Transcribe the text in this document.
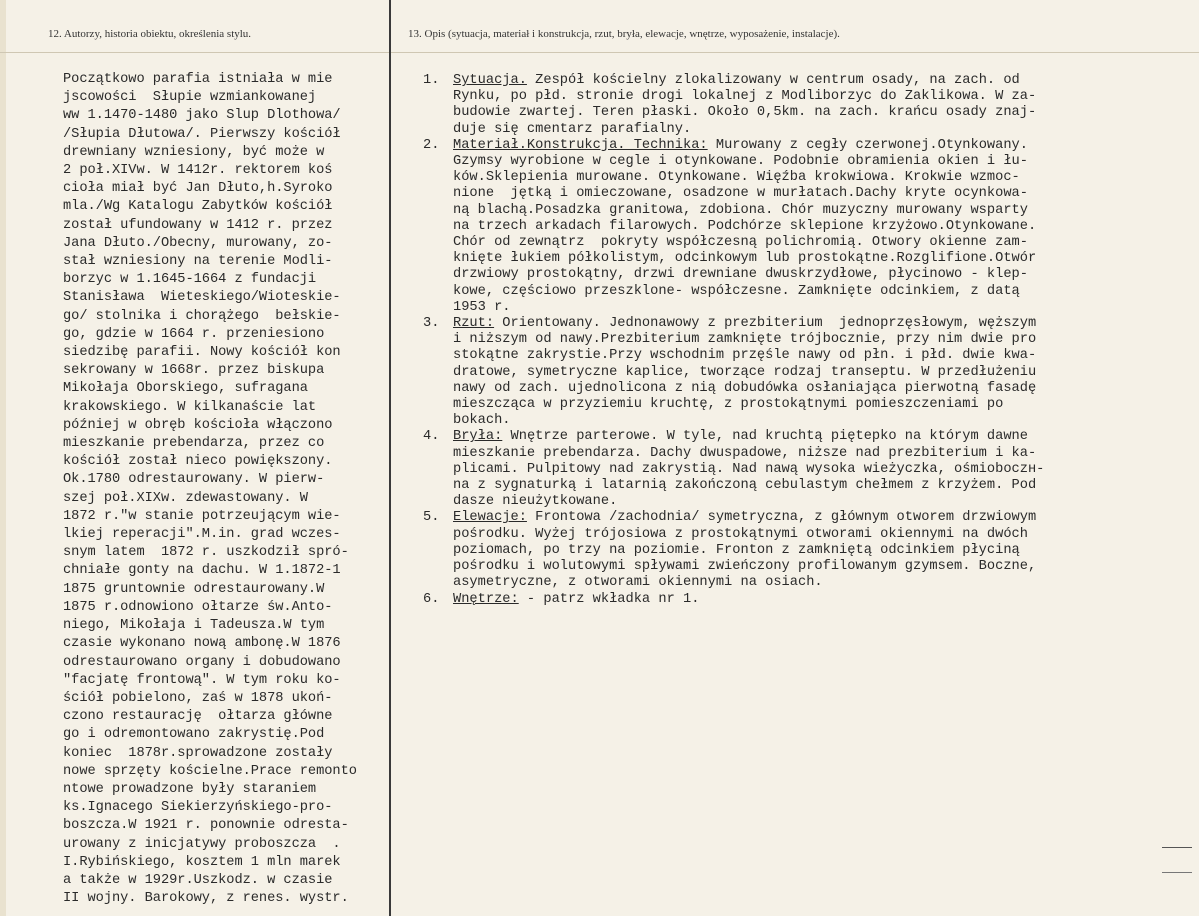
12. Autorzy, historia obiektu, określenia stylu.	13. Opis (sytuacja, materiał i konstrukcja, rzut, bryła, elewacje, wnętrze, wyposażenie, instalacje).
Początkowo parafia istniała w mie
jscowości  Słupie wzmiankowanej
ww 1.1470-1480 jako Slup Dlothowa/
/Słupia Dłutowa/. Pierwszy kościół
drewniany wzniesiony, być może w
2 poł.XIVw. W 1412r. rektorem koś
cioła miał być Jan Dłuto,h.Syroko
mla./Wg Katalogu Zabytków kościół
został ufundowany w 1412 r. przez
Jana Dłuto./Obecny, murowany, zo-
stał wzniesiony na terenie Modli-
borzyc w 1.1645-1664 z fundacji
Stanisława  Wieteskiego/Wioteskie-
go/ stolnika i chorążego  bełskie-
go, gdzie w 1664 r. przeniesiono
siedzibę parafii. Nowy kościół kon
sekrowany w 1668r. przez biskupa
Mikołaja Oborskiego, sufragana
krakowskiego. W kilkanaście lat
później w obręb kościoła włączono
mieszkanie prebendarza, przez co
kościół został nieco powiększony.
Ok.1780 odrestaurowany. W pierw-
szej poł.XIXw. zdewastowany. W
1872 r."w stanie potrzeującym wie-
lkiej reperacji".M.in. grad wczes-
snym latem  1872 r. uszkodził spró-
chniałe gonty na dachu. W 1.1872-1
1875 gruntownie odrestaurowany.W
1875 r.odnowiono ołtarze św.Anto-
niego, Mikołaja i Tadeusza.W tym
czasie wykonano nową ambonę.W 1876
odrestaurowano organy i dobudowano
"facjatę frontową". W tym roku ko-
ściół pobielono, zaś w 1878 ukoń-
czono restaurację  ołtarza główne
go i odremontowano zakrystię.Pod
koniec  1878r.sprowadzone zostały
nowe sprzęty kościelne.Prace remonto
ntowe prowadzone były staraniem
ks.Ignacego Siekierzyńskiego-pro-
boszcza.W 1921 r. ponownie odresta-
urowany z inicjatywy proboszcza  .
I.Rybińskiego, kosztem 1 mln marek
a także w 1929r.Uszkodz. w czasie
II wojny. Barokowy, z renes. wystr.
1. Sytuacja. Zespół kościelny zlokalizowany w centrum osady, na zach. od
Rynku, po płd. stronie drogi lokalnej z Modliborzyc do Zaklikowa. W za-
budowie zwartej. Teren płaski. Około 0,5km. na zach. krańcu osady znaj-
duje się cmentarz parafialny.
2. Materiał.Konstrukcja. Technika: Murowany z cegły czerwonej.Otynkowany.
Gzymsy wyrobione w cegle i otynkowane. Podobnie obramienia okien i łu-
ków.Sklepienia murowane. Otynkowane. Więźba krokwiowa. Krokwie wzmoc-
nione  jętką i omieczowane, osadzone w murłatach.Dachy kryte ocynkowa-
ną blachą.Posadzka granitowa, zdobiona. Chór muzyczny murowany wsparty
na trzech arkadach filarowych. Podchórze sklepione krzyżowo.Otynkowane.
Chór od zewnątrz  pokryty współczesną polichromią. Otwory okienne zam-
knięte łukiem półkolistym, odcinkowym lub prostokątne.Rozglifione.Otwór
drzwiowy prostokątny, drzwi drewniane dwuskrzydłowe, płycinowo - klep-
kowe, częściowo przeszklone- współczesne. Zamknięte odcinkiem, z datą
1953 r.
3. Rzut: Orientowany. Jednonawowy z prezbiterium  jednoprzęsłowym, węższym
i niższym od nawy.Prezbiterium zamknięte trójbocznie, przy nim dwie pro
stokątne zakrystie.Przy wschodnim przęśle nawy od płn. i płd. dwie kwa-
dratowe, symetryczne kaplice, tworzące rodzaj transeptu. W przedłużeniu
nawy od zach. ujednolicona z nią dobudówka osłaniająca pierwotną fasadę
mieszcząca w przyziemiu kruchtę, z prostokątnymi pomieszczeniami po
bokach.
4. Bryła: Wnętrze parterowe. W tyle, nad kruchtą piętерko na którym dawne
mieszkanie prebendarza. Dachy dwuspadowe, niższe nad prezbiterium i ka-
plicami. Pulpitowy nad zakrystią. Nad nawą wysoka wieżyczka, ośmioboczн-
na z sygnaturką i latarnią zakończoną cebulastym chełmem z krzyżem. Pod
dasze nieużytkowane.
5. Elewacje: Frontowa /zachodnia/ symetryczna, z głównym otworem drzwiowym
pośrodku. Wyżej trójosiowa z prostokątnymi otworami okiennymi na dwóch
poziomach, po trzy na poziomie. Fronton z zamkniętą odcinkiem płyciną
pośrodku i wolutowymi spływami zwieńczony profilowanym gzymsem. Boczne,
asymetryczne, z otworami okiennymi na osiach.
6. Wnętrze: - patrz wkładka nr 1.
